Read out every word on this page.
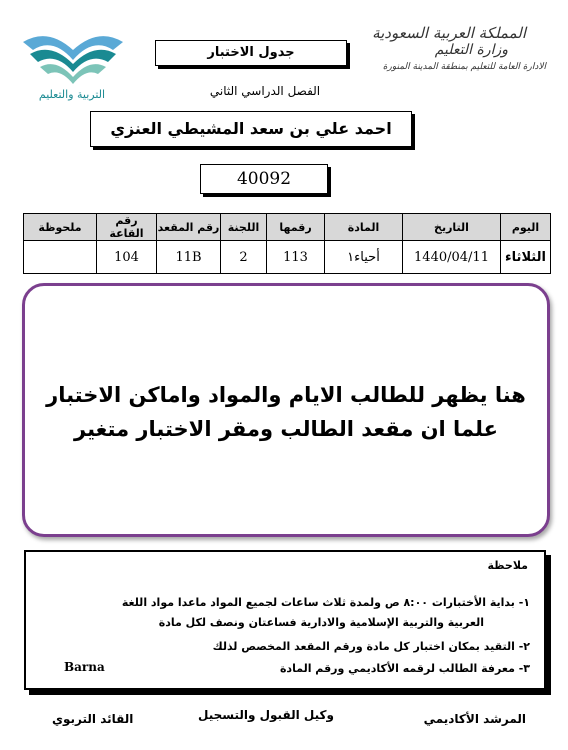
التربية والتعليم
المملكة العربية السعودية
وزارة التعليم
الادارة العامة للتعليم بمنطقة المدينة المنورة
جدول الاختبار
الفصل الدراسي الثاني
احمد علي بن سعد المشيطي العنزي
40092
اليوم	التاريخ	المادة	رقمها	اللجنة	رقم المقعد	رقم القاعة	ملحوظة
الثلاثاء	1440/04/11	أحياء١	113	2	11B	104	
هنا يظهر للطالب الايام والمواد واماكن الاختبار
علما ان مقعد الطالب ومقر الاختبار متغير
ملاحظة
١- بداية الأختبارات ٨:٠٠ ص ولمدة ثلاث ساعات لجميع المواد ماعدا مواد اللغة
العربية والتربية الإسلامية والادارية فساعتان ونصف لكل مادة
٢- التقيد بمكان اختبار كل مادة ورقم المقعد المخصص لذلك
٣- معرفة الطالب لرقمه الأكاديمي ورقم المادة
Barna
المرشد الأكاديمي
وكيل القبول والتسجيل
القائد التربوي
